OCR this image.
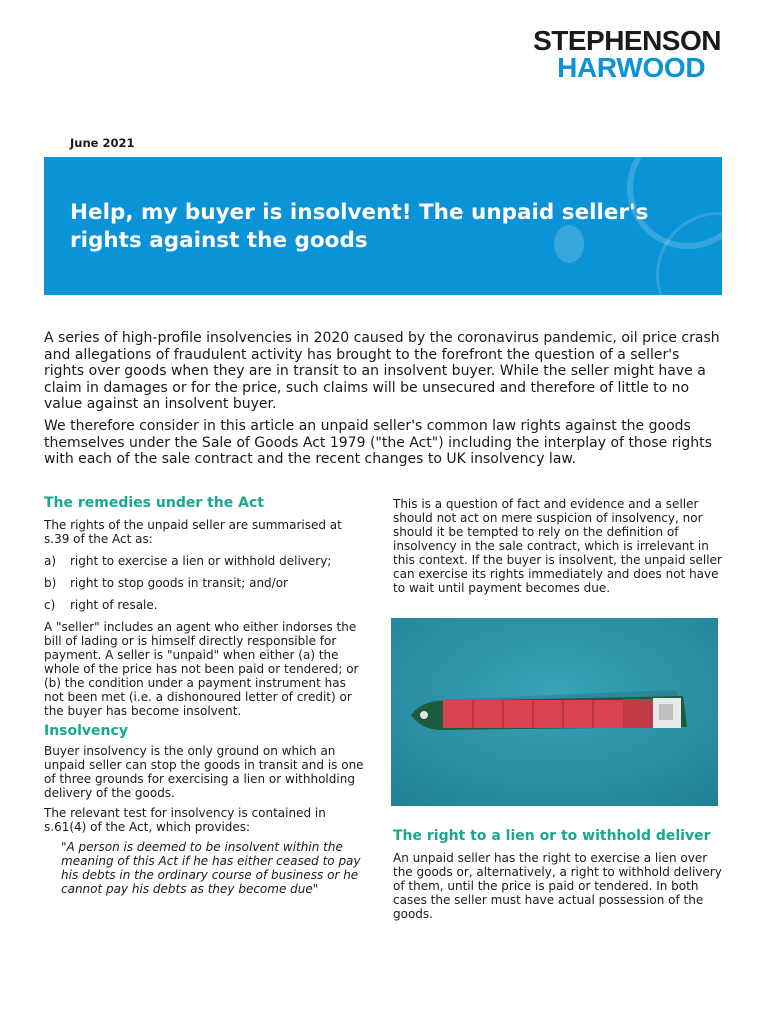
STEPHENSON
HARWOOD
June 2021
Help, my buyer is insolvent! The unpaid seller's rights against the goods
A series of high-profile insolvencies in 2020 caused by the coronavirus pandemic, oil price crash and allegations of fraudulent activity has brought to the forefront the question of a seller's rights over goods when they are in transit to an insolvent buyer. While the seller might have a claim in damages or for the price, such claims will be unsecured and therefore of little to no value against an insolvent buyer.
We therefore consider in this article an unpaid seller's common law rights against the goods themselves under the Sale of Goods Act 1979 ("the Act") including the interplay of those rights with each of the sale contract and the recent changes to UK insolvency law.

The remedies under the Act

The rights of the unpaid seller are summarised at s.39 of the Act as:

a) right to exercise a lien or withhold delivery;
b) right to stop goods in transit; and/or
c) right of resale.

A "seller" includes an agent who either indorses the bill of lading or is himself directly responsible for payment. A seller is "unpaid" when either (a) the whole of the price has not been paid or tendered; or (b) the condition under a payment instrument has not been met (i.e. a dishonoured letter of credit) or the buyer has become insolvent.

Insolvency

Buyer insolvency is the only ground on which an unpaid seller can stop the goods in transit and is one of three grounds for exercising a lien or withholding delivery of the goods.

The relevant test for insolvency is contained in s.61(4) of the Act, which provides:

"A person is deemed to be insolvent within the meaning of this Act if he has either ceased to pay his debts in the ordinary course of business or he cannot pay his debts as they become due"

This is a question of fact and evidence and a seller should not act on mere suspicion of insolvency, nor should it be tempted to rely on the definition of insolvency in the sale contract, which is irrelevant in this context. If the buyer is insolvent, the unpaid seller can exercise its rights immediately and does not have to wait until payment becomes due.

The right to a lien or to withhold deliver

An unpaid seller has the right to exercise a lien over the goods or, alternatively, a right to withhold delivery of them, until the price is paid or tendered. In both cases the seller must have actual possession of the goods.
